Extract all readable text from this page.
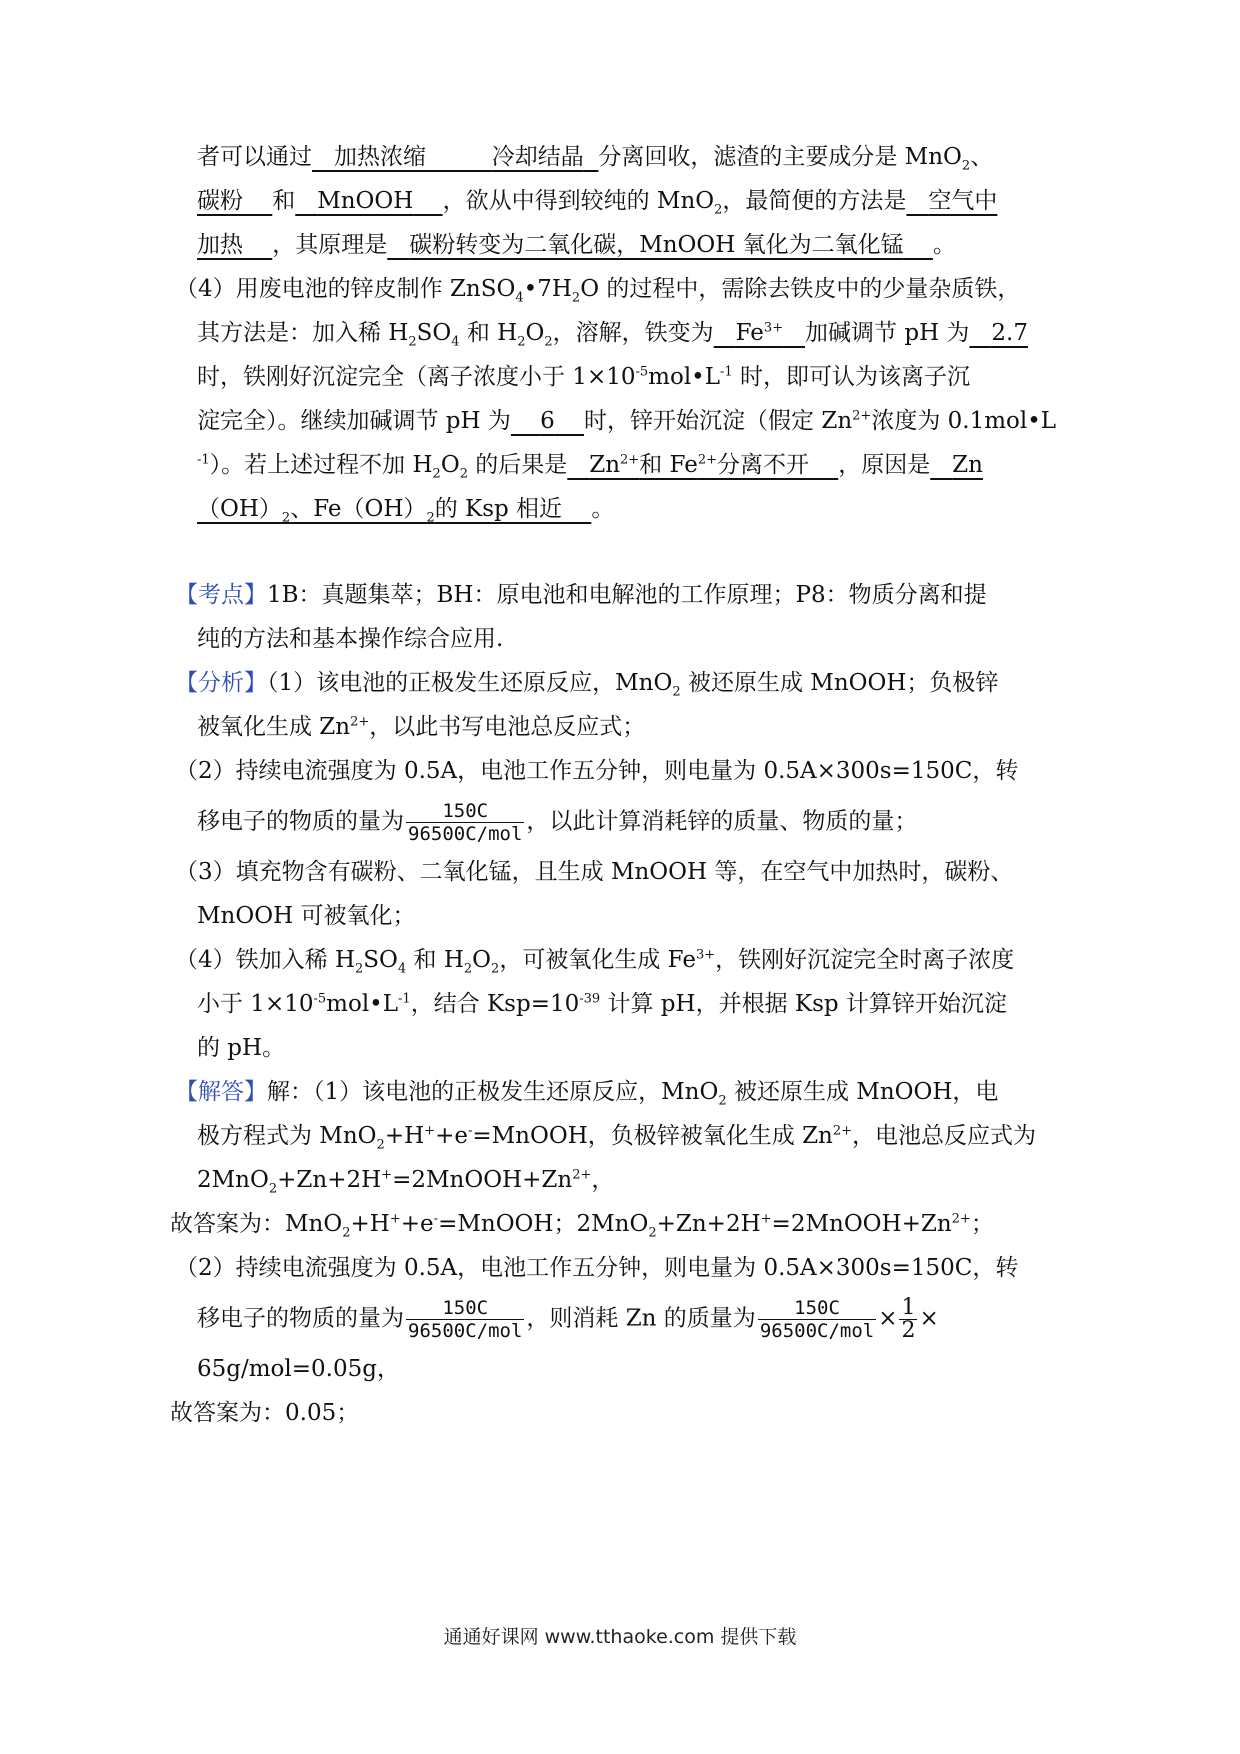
者可以通过 加热浓缩	冷却结晶 分离回收，滤渣的主要成分是 MnO$_2$、
碳粉 和 MnOOH ，欲从中得到较纯的 MnO$_2$，最简便的方法是 空气中
加热 ，其原理是 碳粉转变为二氧化碳，MnOOH 氧化为二氧化锰 。
（4）用废电池的锌皮制作 $ZnSO_4•7H_2O$ 的过程中，需除去铁皮中的少量杂质铁，
其方法是：加入稀 $H_2SO_4$ 和 $H_2O_2$，溶解，铁变为 $Fe^{3+}$ 加碱调节 pH 为 2.7
时，铁刚好沉淀完全（离子浓度小于 $1\times 10^{-5}mol•L^{-1}$ 时，即可认为该离子沉
淀完全）。继续加碱调节 pH 为 6 时，锌开始沉淀（假定 $Zn^{2+}$浓度为 0.1mol•L
$^{-1}$）。若上述过程不加 $H_2O_2$ 的后果是 $Zn^{2+}$和 $Fe^{2+}$分离不开 ，原因是 Zn
$(OH)_2$、$Fe(OH)_2$的 Ksp 相近 。
【考点】1B：真题集萃；BH：原电池和电解池的工作原理；P8：物质分离和提
纯的方法和基本操作综合应用.
【分析】（1）该电池的正极发生还原反应，MnO$_2$ 被还原生成 MnOOH；负极锌
被氧化生成 $Zn^{2+}$，以此书写电池总反应式；
（2）持续电流强度为 0.5A，电池工作五分钟，则电量为 0.5A×300s=150C，转
移电子的物质的量为 $\frac{150C}{\text{96500C/mol}}$ ，以此计算消耗锌的质量、物质的量；
（3）填充物含有碳粉、二氧化锰，且生成 MnOOH 等，在空气中加热时，碳粉、
MnOOH 可被氧化；
（4）铁加入稀 $H_2SO_4$ 和 $H_2O_2$，可被氧化生成 $Fe^{3+}$，铁刚好沉淀完全时离子浓度
小于 $1\times 10^{-5}mol•L^{-1}$，结合 $Ksp=10^{-39}$ 计算 pH，并根据 Ksp 计算锌开始沉淀
的 pH。
【解答】解：（1）该电池的正极发生还原反应，MnO$_2$ 被还原生成 MnOOH，电
极方程式为 MnO$_2$+H++e-=MnOOH，负极锌被氧化生成 $Zn^{2+}$，电池总反应式为
$2MnO_2+Zn+2H^+=2MnOOH+Zn^{2+}$，
故答案为：MnO$_2$+H++e-=MnOOH；$2MnO_2+Zn+2H^+=2MnOOH+Zn^{2+}$；
（2）持续电流强度为 0.5A，电池工作五分钟，则电量为 0.5A×300s=150C，转
移电子的物质的量为 $\frac{150C}{\text{96500C/mol}}$ ，则消耗 Zn 的质量为 $\frac{150C}{\text{96500C/mol}} \times \frac{1}{2}$ ×
65g/mol=0.05g，
故答案为：0.05；
通通好课网 www.tthaoke.com 提供下载
